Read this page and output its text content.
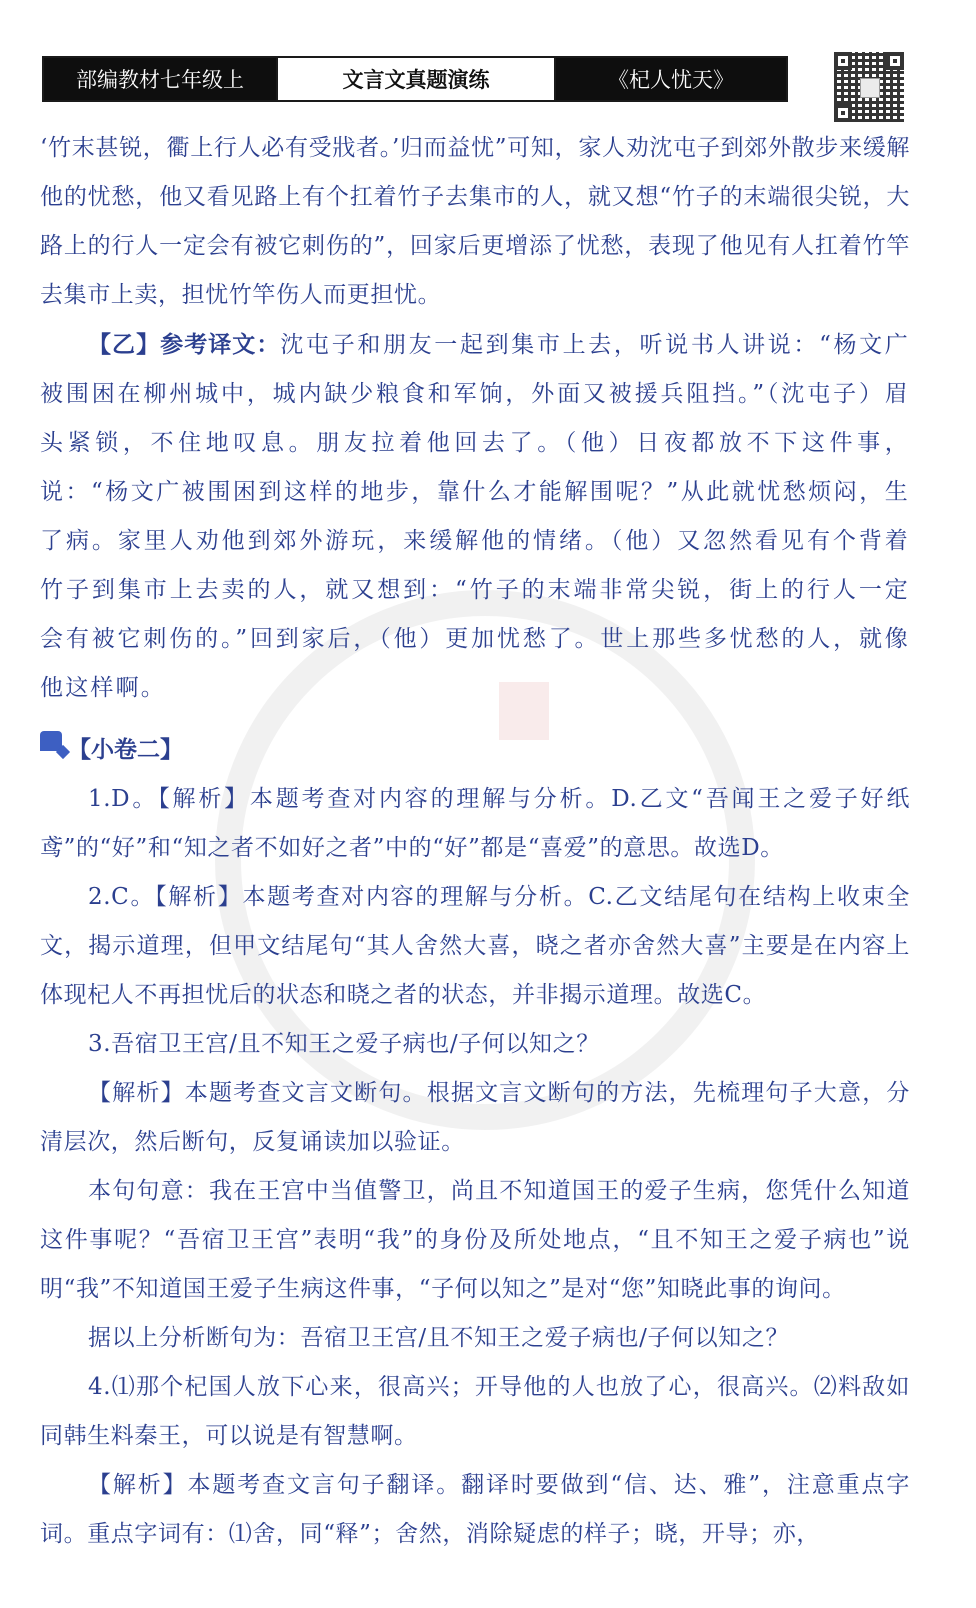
部编教材七年级上	文言文真题演练	《杞人忧天》

‘竹末甚锐，衢上行人必有受戕者。’归而益忧”可知，家人劝沈屯子到郊外散步来缓解他的忧愁，他又看见路上有个扛着竹子去集市的人，就又想“竹子的末端很尖锐，大路上的行人一定会有被它刺伤的”，回家后更增添了忧愁，表现了他见有人扛着竹竿去集市上卖，担忧竹竿伤人而更担忧。

【乙】参考译文：沈屯子和朋友一起到集市上去，听说书人讲说：“杨文广被围困在柳州城中，城内缺少粮食和军饷，外面又被援兵阻挡。”（沈屯子）眉头紧锁，不住地叹息。朋友拉着他回去了。（他）日夜都放不下这件事，说：“杨文广被围困到这样的地步，靠什么才能解围呢？”从此就忧愁烦闷，生了病。家里人劝他到郊外游玩，来缓解他的情绪。（他）又忽然看见有个背着竹子到集市上去卖的人，就又想到：“竹子的末端非常尖锐，街上的行人一定会有被它刺伤的。”回到家后，（他）更加忧愁了。世上那些多忧愁的人，就像他这样啊。

【小卷二】

1.D。【解析】本题考查对内容的理解与分析。D.乙文“吾闻王之爱子好纸鸢”的“好”和“知之者不如好之者”中的“好”都是“喜爱”的意思。故选D。

2.C。【解析】本题考查对内容的理解与分析。C.乙文结尾句在结构上收束全文，揭示道理，但甲文结尾句“其人舍然大喜，晓之者亦舍然大喜”主要是在内容上体现杞人不再担忧后的状态和晓之者的状态，并非揭示道理。故选C。

3.吾宿卫王宫/且不知王之爱子病也/子何以知之？

【解析】本题考查文言文断句。根据文言文断句的方法，先梳理句子大意，分清层次，然后断句，反复诵读加以验证。

本句句意：我在王宫中当值警卫，尚且不知道国王的爱子生病，您凭什么知道这件事呢？“吾宿卫王宫”表明“我”的身份及所处地点，“且不知王之爱子病也”说明“我”不知道国王爱子生病这件事，“子何以知之”是对“您”知晓此事的询问。

据以上分析断句为：吾宿卫王宫/且不知王之爱子病也/子何以知之？

4.⑴那个杞国人放下心来，很高兴；开导他的人也放了心，很高兴。⑵料敌如同韩生料秦王，可以说是有智慧啊。

【解析】本题考查文言句子翻译。翻译时要做到“信、达、雅”，注意重点字词。重点字词有：⑴舍，同“释”；舍然，消除疑虑的样子；晓，开导；亦，
